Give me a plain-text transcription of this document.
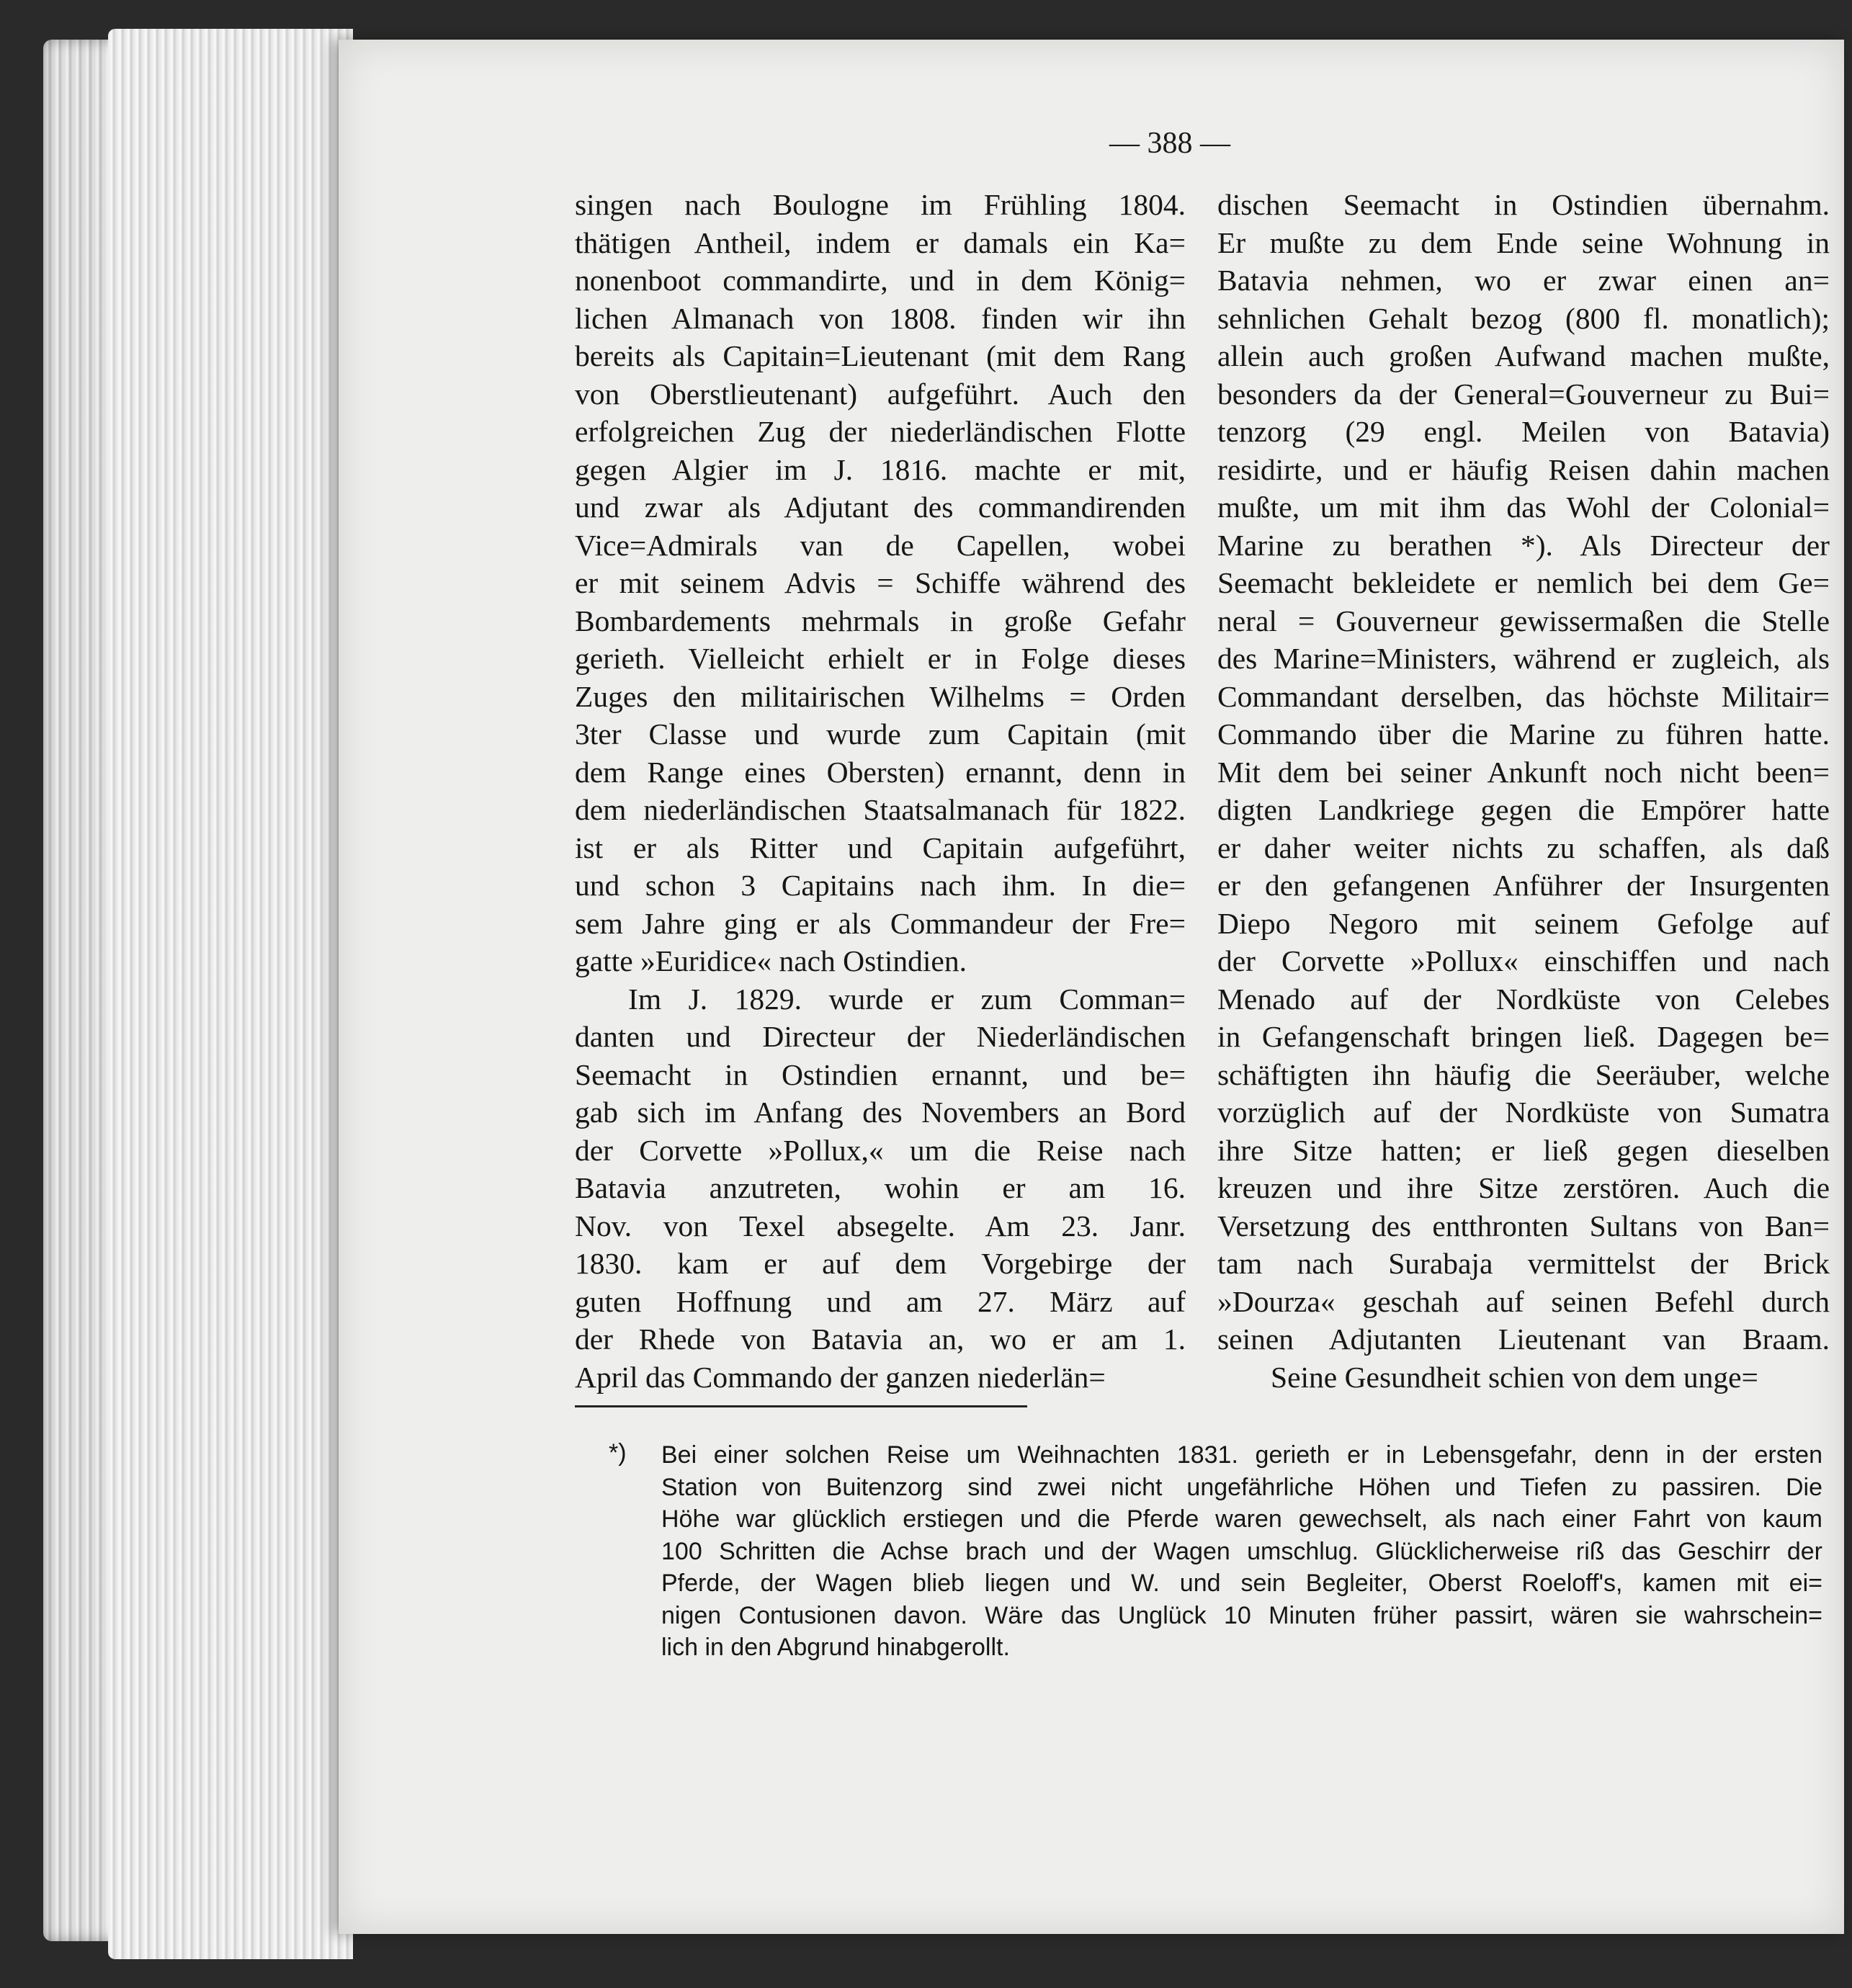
— 388 —
singen nach Boulogne im Frühling 1804.
thätigen Antheil, indem er damals ein Ka=
nonenboot commandirte, und in dem König=
lichen Almanach von 1808. finden wir ihn
bereits als Capitain=Lieutenant (mit dem Rang
von Oberstlieutenant) aufgeführt. Auch den
erfolgreichen Zug der niederländischen Flotte
gegen Algier im J. 1816. machte er mit,
und zwar als Adjutant des commandirenden
Vice=Admirals van de Capellen, wobei
er mit seinem Advis = Schiffe während des
Bombardements mehrmals in große Gefahr
gerieth. Vielleicht erhielt er in Folge dieses
Zuges den militairischen Wilhelms = Orden
3ter Classe und wurde zum Capitain (mit
dem Range eines Obersten) ernannt, denn in
dem niederländischen Staatsalmanach für 1822.
ist er als Ritter und Capitain aufgeführt,
und schon 3 Capitains nach ihm. In die=
sem Jahre ging er als Commandeur der Fre=
gatte »Euridice« nach Ostindien.
Im J. 1829. wurde er zum Comman=
danten und Directeur der Niederländischen
Seemacht in Ostindien ernannt, und be=
gab sich im Anfang des Novembers an Bord
der Corvette »Pollux,« um die Reise nach
Batavia anzutreten, wohin er am 16.
Nov. von Texel absegelte. Am 23. Janr.
1830. kam er auf dem Vorgebirge der
guten Hoffnung und am 27. März auf
der Rhede von Batavia an, wo er am 1.
April das Commando der ganzen niederlän=
dischen Seemacht in Ostindien übernahm.
Er mußte zu dem Ende seine Wohnung in
Batavia nehmen, wo er zwar einen an=
sehnlichen Gehalt bezog (800 fl. monatlich);
allein auch großen Aufwand machen mußte,
besonders da der General=Gouverneur zu Bui=
tenzorg (29 engl. Meilen von Batavia)
residirte, und er häufig Reisen dahin machen
mußte, um mit ihm das Wohl der Colonial=
Marine zu berathen *). Als Directeur der
Seemacht bekleidete er nemlich bei dem Ge=
neral = Gouverneur gewissermaßen die Stelle
des Marine=Ministers, während er zugleich, als
Commandant derselben, das höchste Militair=
Commando über die Marine zu führen hatte.
Mit dem bei seiner Ankunft noch nicht been=
digten Landkriege gegen die Empörer hatte
er daher weiter nichts zu schaffen, als daß
er den gefangenen Anführer der Insurgenten
Diepo Negoro mit seinem Gefolge auf
der Corvette »Pollux« einschiffen und nach
Menado auf der Nordküste von Celebes
in Gefangenschaft bringen ließ. Dagegen be=
schäftigten ihn häufig die Seeräuber, welche
vorzüglich auf der Nordküste von Sumatra
ihre Sitze hatten; er ließ gegen dieselben
kreuzen und ihre Sitze zerstören. Auch die
Versetzung des entthronten Sultans von Ban=
tam nach Surabaja vermittelst der Brick
»Dourza« geschah auf seinen Befehl durch
seinen Adjutanten Lieutenant van Braam.
Seine Gesundheit schien von dem unge=
*) Bei einer solchen Reise um Weihnachten 1831. gerieth er in Lebensgefahr, denn in der ersten
Station von Buitenzorg sind zwei nicht ungefährliche Höhen und Tiefen zu passiren. Die
Höhe war glücklich erstiegen und die Pferde waren gewechselt, als nach einer Fahrt von kaum
100 Schritten die Achse brach und der Wagen umschlug. Glücklicherweise riß das Geschirr der
Pferde, der Wagen blieb liegen und W. und sein Begleiter, Oberst Roeloff's, kamen mit ei=
nigen Contusionen davon. Wäre das Unglück 10 Minuten früher passirt, wären sie wahrschein=
lich in den Abgrund hinabgerollt.
